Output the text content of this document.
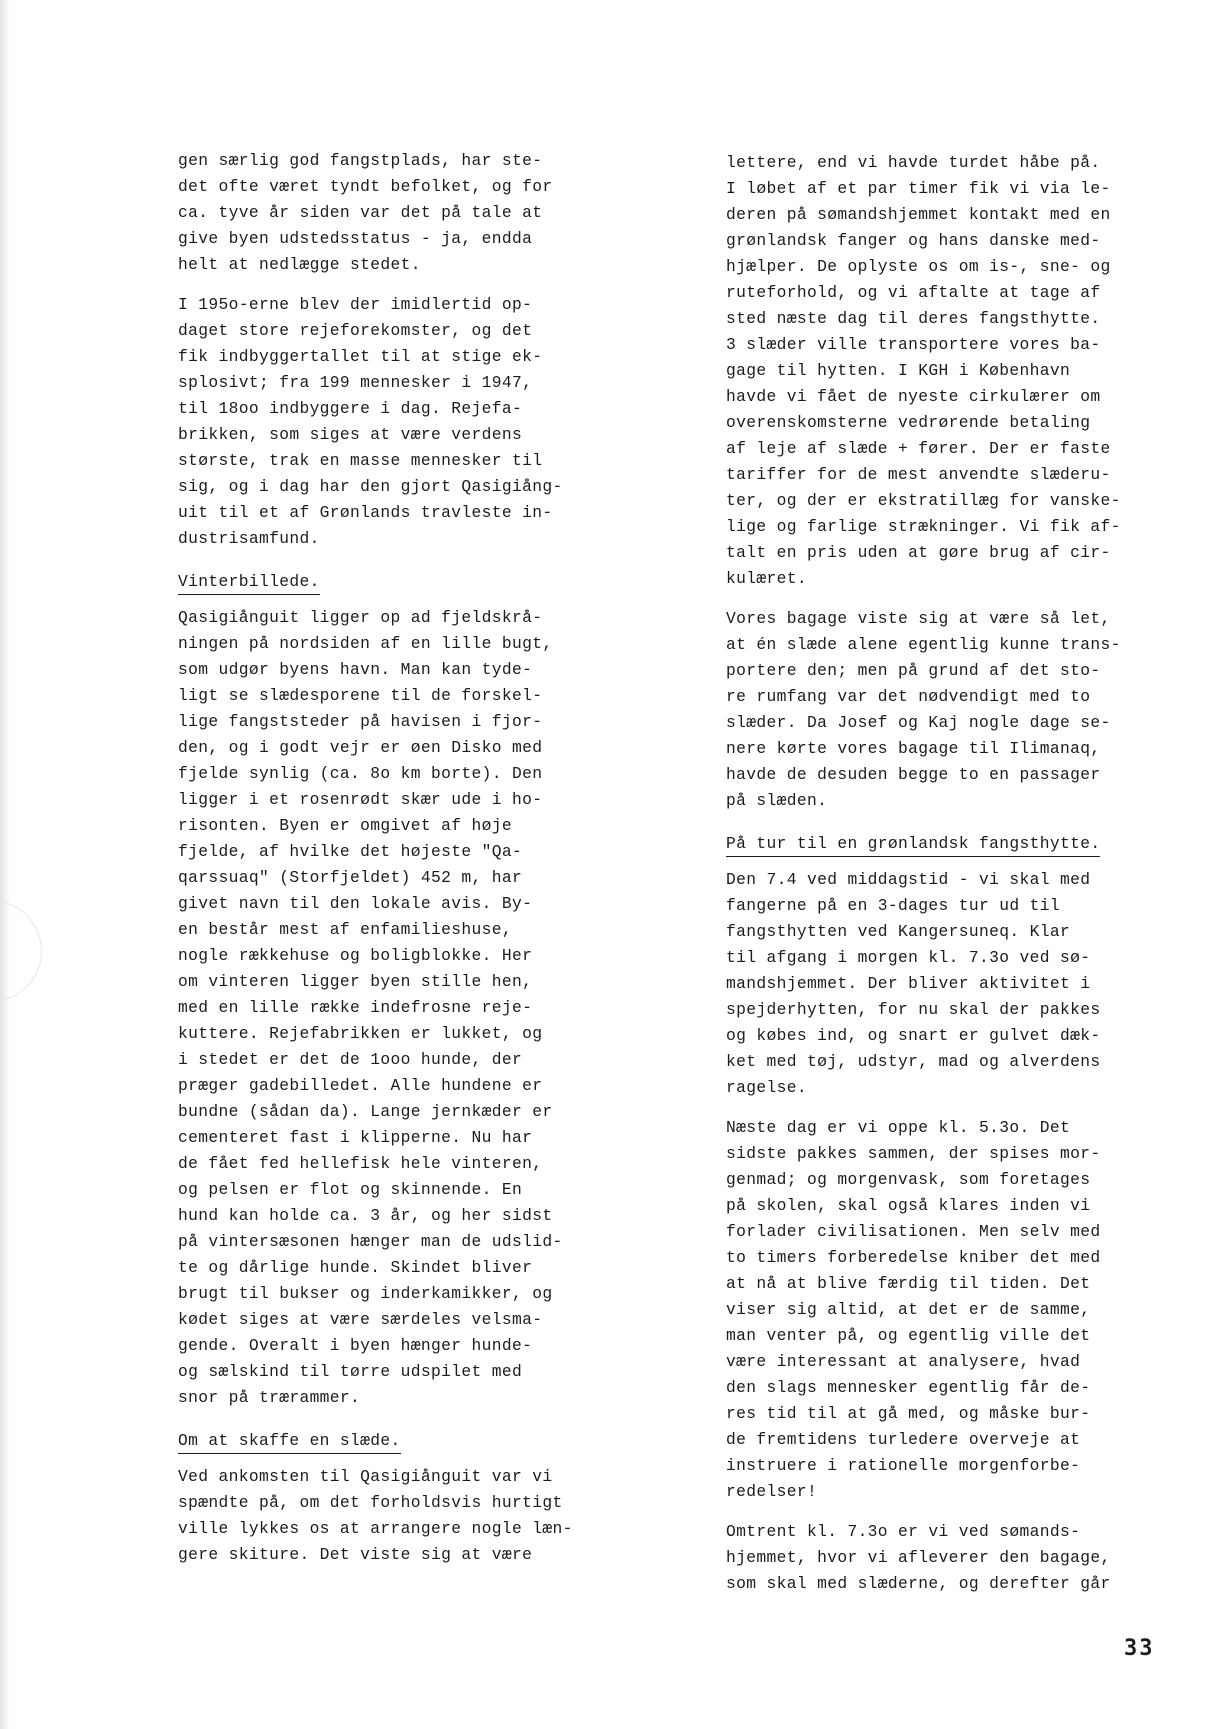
gen særlig god fangstplads, har ste-
det ofte været tyndt befolket, og for
ca. tyve år siden var det på tale at
give byen udstedsstatus - ja, endda
helt at nedlægge stedet.
I 195o-erne blev der imidlertid op-
daget store rejeforekomster, og det
fik indbyggertallet til at stige ek-
splosivt; fra 199 mennesker i 1947,
til 18oo indbyggere i dag. Rejefa-
brikken, som siges at være verdens
største, trak en masse mennesker til
sig, og i dag har den gjort Qasigiång-
uit til et af Grønlands travleste in-
dustrisamfund.
Vinterbillede.
Qasigiånguit ligger op ad fjeldskrå-
ningen på nordsiden af en lille bugt,
som udgør byens havn. Man kan tyde-
ligt se slædesporene til de forskel-
lige fangststeder på havisen i fjor-
den, og i godt vejr er øen Disko med
fjelde synlig (ca. 8o km borte). Den
ligger i et rosenrødt skær ude i ho-
risonten. Byen er omgivet af høje
fjelde, af hvilke det højeste "Qa-
qarssuaq" (Storfjeldet) 452 m, har
givet navn til den lokale avis. By-
en består mest af enfamilieshuse,
nogle rækkehuse og boligblokke. Her
om vinteren ligger byen stille hen,
med en lille række indefrosne reje-
kuttere. Rejefabrikken er lukket, og
i stedet er det de 1ooo hunde, der
præger gadebilledet. Alle hundene er
bundne (sådan da). Lange jernkæder er
cementeret fast i klipperne. Nu har
de fået fed hellefisk hele vinteren,
og pelsen er flot og skinnende. En
hund kan holde ca. 3 år, og her sidst
på vintersæsonen hænger man de udslid-
te og dårlige hunde. Skindet bliver
brugt til bukser og inderkamikker, og
kødet siges at være særdeles velsma-
gende. Overalt i byen hænger hunde-
og sælskind til tørre udspilet med
snor på trærammer.
Om at skaffe en slæde.
Ved ankomsten til Qasigiånguit var vi
spændte på, om det forholdsvis hurtigt
ville lykkes os at arrangere nogle læn-
gere skiture. Det viste sig at være
lettere, end vi havde turdet håbe på.
I løbet af et par timer fik vi via le-
deren på sømandshjemmet kontakt med en
grønlandsk fanger og hans danske med-
hjælper. De oplyste os om is-, sne- og
ruteforhold, og vi aftalte at tage af
sted næste dag til deres fangsthytte.
3 slæder ville transportere vores ba-
gage til hytten. I KGH i København
havde vi fået de nyeste cirkulærer om
overenskomsterne vedrørende betaling
af leje af slæde + fører. Der er faste
tariffer for de mest anvendte slæderu-
ter, og der er ekstratillæg for vanske-
lige og farlige strækninger. Vi fik af-
talt en pris uden at gøre brug af cir-
kulæret.
Vores bagage viste sig at være så let,
at én slæde alene egentlig kunne trans-
portere den; men på grund af det sto-
re rumfang var det nødvendigt med to
slæder. Da Josef og Kaj nogle dage se-
nere kørte vores bagage til Ilimanaq,
havde de desuden begge to en passager
på slæden.
På tur til en grønlandsk fangsthytte.
Den 7.4 ved middagstid - vi skal med
fangerne på en 3-dages tur ud til
fangsthytten ved Kangersuneq. Klar
til afgang i morgen kl. 7.3o ved sø-
mandshjemmet. Der bliver aktivitet i
spejderhytten, for nu skal der pakkes
og købes ind, og snart er gulvet dæk-
ket med tøj, udstyr, mad og alverdens
ragelse.
Næste dag er vi oppe kl. 5.3o. Det
sidste pakkes sammen, der spises mor-
genmad; og morgenvask, som foretages
på skolen, skal også klares inden vi
forlader civilisationen. Men selv med
to timers forberedelse kniber det med
at nå at blive færdig til tiden. Det
viser sig altid, at det er de samme,
man venter på, og egentlig ville det
være interessant at analysere, hvad
den slags mennesker egentlig får de-
res tid til at gå med, og måske bur-
de fremtidens turledere overveje at
instruere i rationelle morgenforbe-
redelser!
Omtrent kl. 7.3o er vi ved sømands-
hjemmet, hvor vi afleverer den bagage,
som skal med slæderne, og derefter går
33
